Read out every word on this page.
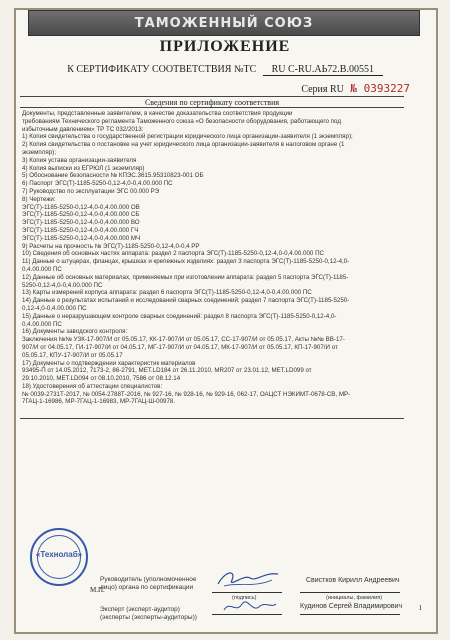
ТАМОЖЕННЫЙ СОЮЗ
ПРИЛОЖЕНИЕ
К СЕРТИФИКАТУ СООТВЕТСТВИЯ №ТС RU С-RU.АЬ72.В.00551
Серия RU № 0393227
Сведения по сертификату соответствия
Документы, представленные заявителем, в качестве доказательства соответствия продукции
требованиям Технического регламента Таможенного союза «О безопасности оборудования, работающего под
избыточным давлением» ТР ТС 032/2013:
1) Копия свидетельства о государственной регистрации юридического лица организации-заявителя (1 экземпляр);
2) Копия свидетельства о постановке на учет юридического лица организации-заявителя в налоговом органе (1
экземпляр);
3) Копия устава организации-заявителя
4) Копия выписки из ЕГРЮЛ (1 экземпляр)
5) Обоснование безопасности № КПЭС.3615.95310823-001 ОБ
6) Паспорт ЭГС(Т)-1185-5250-0,12-4,0-0,4.00.000 ПС
7) Руководство по эксплуатации ЭГС 00.000 РЭ
8) Чертежи:
ЭГС(Т)-1185-5250-0,12-4,0-0,4.00.000 ОВ
ЭГС(Т)-1185-5250-0,12-4,0-0,4.00.000 СБ
ЭГС(Т)-1185-5250-0,12-4,0-0,4.00.000 ВО
ЭГС(Т)-1185-5250-0,12-4,0-0,4.00.000 ГЧ
ЭГС(Т)-1185-5250-0,12-4,0-0,4.00.000 МЧ
9) Расчеты на прочность № ЭГС(Т)-1185-5250-0,12-4,0-0,4 РР
10) Сведения об основных частях аппарата: раздел 2 паспорта ЭГС(Т)-1185-5250-0,12-4,0-0,4.00.000 ПС
11) Данные о штуцерах, фланцах, крышках и крепежных изделиях: раздел 3 паспорта ЭГС(Т)-1185-5250-0,12-4,0-
0,4.00.000 ПС
12) Данные об основных материалах, применяемых при изготовлении аппарата: раздел 5 паспорта ЭГС(Т)-1185-
5250-0,12-4,0-0,4.00.000 ПС
13) Карты измерений корпуса аппарата: раздел 6 паспорта ЭГС(Т)-1185-5250-0,12-4,0-0,4.00.000 ПС
14) Данные о результатах испытаний и исследований сварных соединений: раздел 7 паспорта ЭГС(Т)-1185-5250-
0,12-4,0-0,4.00.000 ПС
15) Данные о неразрушающем контроле сварных соединений: раздел 8 паспорта ЭГС(Т)-1185-5250-0,12-4,0-
0,4.00.000 ПС
16) Документы заводского контроля:
Заключения №№ УЗК-17-907/И от 05.05.17, КК-17-907/И от 05.05.17, СС-17-907/И от 05.05.17, Акты №№ ВВ-17-
907/И от 04.05.17, ГИ-17-907/И от 04.05.17, МГ-17-907/И от 04.05.17, МК-17-907/И от 05.05.17, КП-17-907/И от
05.05.17, КПУ-17-907/И от 05.05.17
17) Документы о подтверждении характеристик материалов
93495-П от 14.05.2012, 7173-2, 86-2791, МЕТ.LD184 от 26.11.2010, МR207 от 23.01.12, МЕТ.LD099 от
29.10.2010, МЕТ.LD094 от 08.10.2010, 7586 от 08.12.14
18) Удостоверения об аттестации специалистов:
№ 0039-2731Т-2017, № 0054-2788Т-2016, № 927-16, № 928-16, № 929-16, 062-17, ОАЦСТ НЭКИМТ-0678-СВ, МР-
7ГАЦ-1-16986, МР-7ГАЦ-1-16983, МР-7ГАЦ-Ш-00978.
«Технолаб»
М.П.
Руководитель (уполномоченное
лицо) органа по сертификации
Свистков Кирилл Андреевич
(подпись)	(инициалы, фамилия)
Эксперт (эксперт-аудитор)
(эксперты (эксперты-аудиторы))
Кудинов Сергей Владимирович 1
